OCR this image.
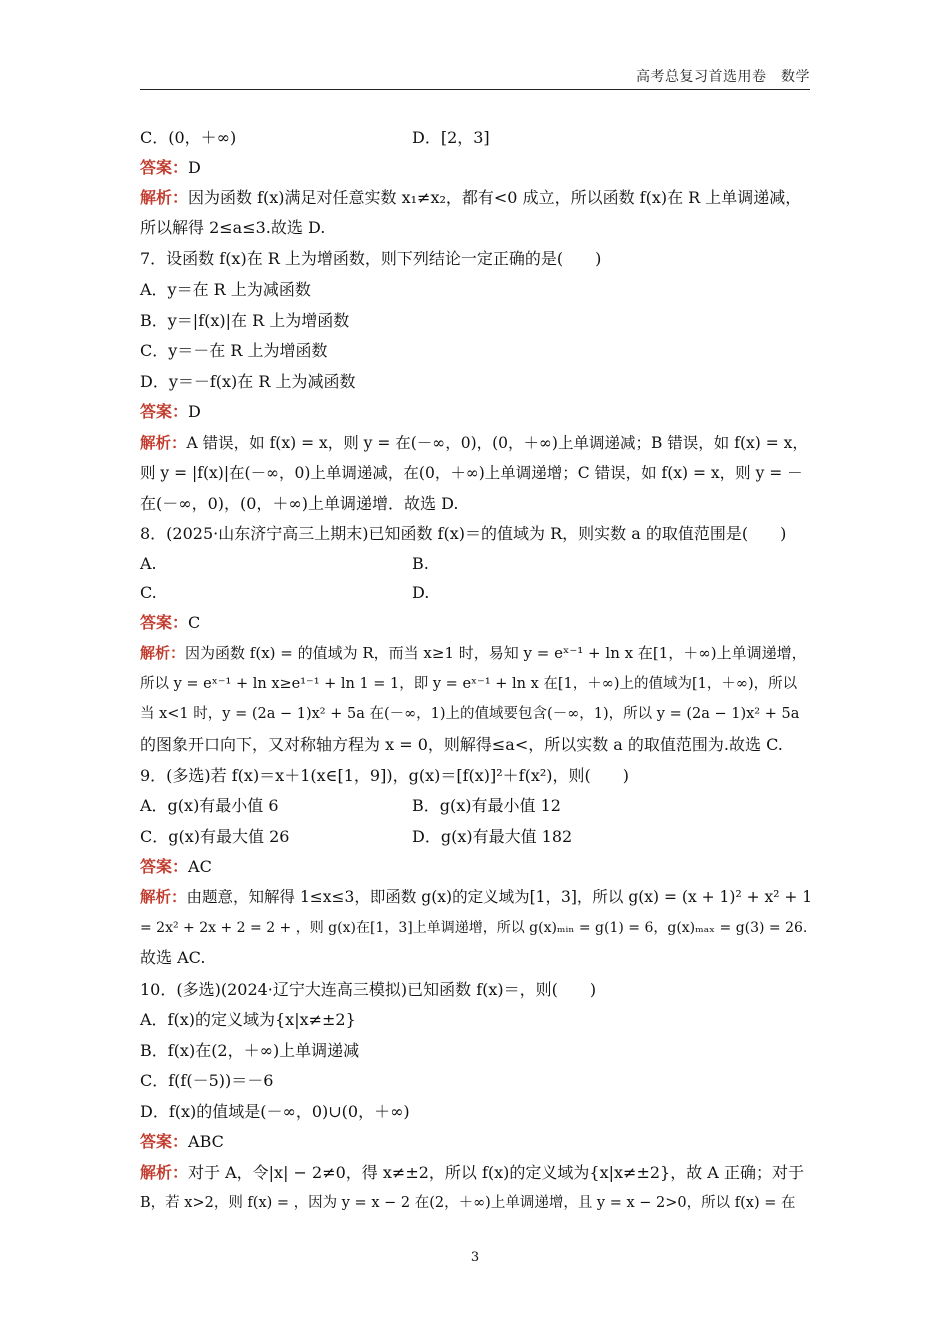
高考总复习首选用卷　数学
C．(0，＋∞)	D．[2，3]
答案：D
解析：因为函数 f(x)满足对任意实数 x₁≠x₂，都有<0 成立，所以函数 f(x)在 R 上单调递减，
所以解得 2≤a≤3.故选 D.
7．设函数 f(x)在 R 上为增函数，则下列结论一定正确的是(　　)
A．y＝在 R 上为减函数
B．y＝|f(x)|在 R 上为增函数
C．y＝－在 R 上为增函数
D．y＝－f(x)在 R 上为减函数
答案：D
解析：A 错误，如 f(x) = x，则 y = 在(－∞，0)，(0，＋∞)上单调递减；B 错误，如 f(x) = x，
则 y = |f(x)|在(－∞，0)上单调递减，在(0，＋∞)上单调递增；C 错误，如 f(x) = x，则 y = －
在(－∞，0)，(0，＋∞)上单调递增．故选 D.
8．(2025·山东济宁高三上期末)已知函数 f(x)＝的值域为 R，则实数 a 的取值范围是(　　)
A.	B.
C.	D.
答案：C
解析：因为函数 f(x) = 的值域为 R，而当 x≥1 时，易知 y = eˣ⁻¹ + ln x 在[1，＋∞)上单调递增，
所以 y = eˣ⁻¹ + ln x≥e¹⁻¹ + ln 1 = 1，即 y = eˣ⁻¹ + ln x 在[1，＋∞)上的值域为[1，＋∞)，所以
当 x<1 时，y = (2a − 1)x² + 5a 在(－∞，1)上的值域要包含(－∞，1)，所以 y = (2a − 1)x² + 5a
的图象开口向下，又对称轴方程为 x = 0，则解得≤a<，所以实数 a 的取值范围为.故选 C.
9．(多选)若 f(x)＝x＋1(x∈[1，9])，g(x)＝[f(x)]²＋f(x²)，则(　　)
A．g(x)有最小值 6	B．g(x)有最小值 12
C．g(x)有最大值 26	D．g(x)有最大值 182
答案：AC
解析：由题意，知解得 1≤x≤3，即函数 g(x)的定义域为[1，3]，所以 g(x) = (x + 1)² + x² + 1
= 2x² + 2x + 2 = 2 + ，则 g(x)在[1，3]上单调递增，所以 g(x)ₘᵢₙ = g(1) = 6，g(x)ₘₐₓ = g(3) = 26.
故选 AC.
10．(多选)(2024·辽宁大连高三模拟)已知函数 f(x)＝，则(　　)
A．f(x)的定义域为{x|x≠±2}
B．f(x)在(2，＋∞)上单调递减
C．f(f(－5))＝－6
D．f(x)的值域是(－∞，0)∪(0，＋∞)
答案：ABC
解析：对于 A，令|x| − 2≠0，得 x≠±2，所以 f(x)的定义域为{x|x≠±2}，故 A 正确；对于
B，若 x>2，则 f(x) = ，因为 y = x − 2 在(2，＋∞)上单调递增，且 y = x − 2>0，所以 f(x) = 在
3
